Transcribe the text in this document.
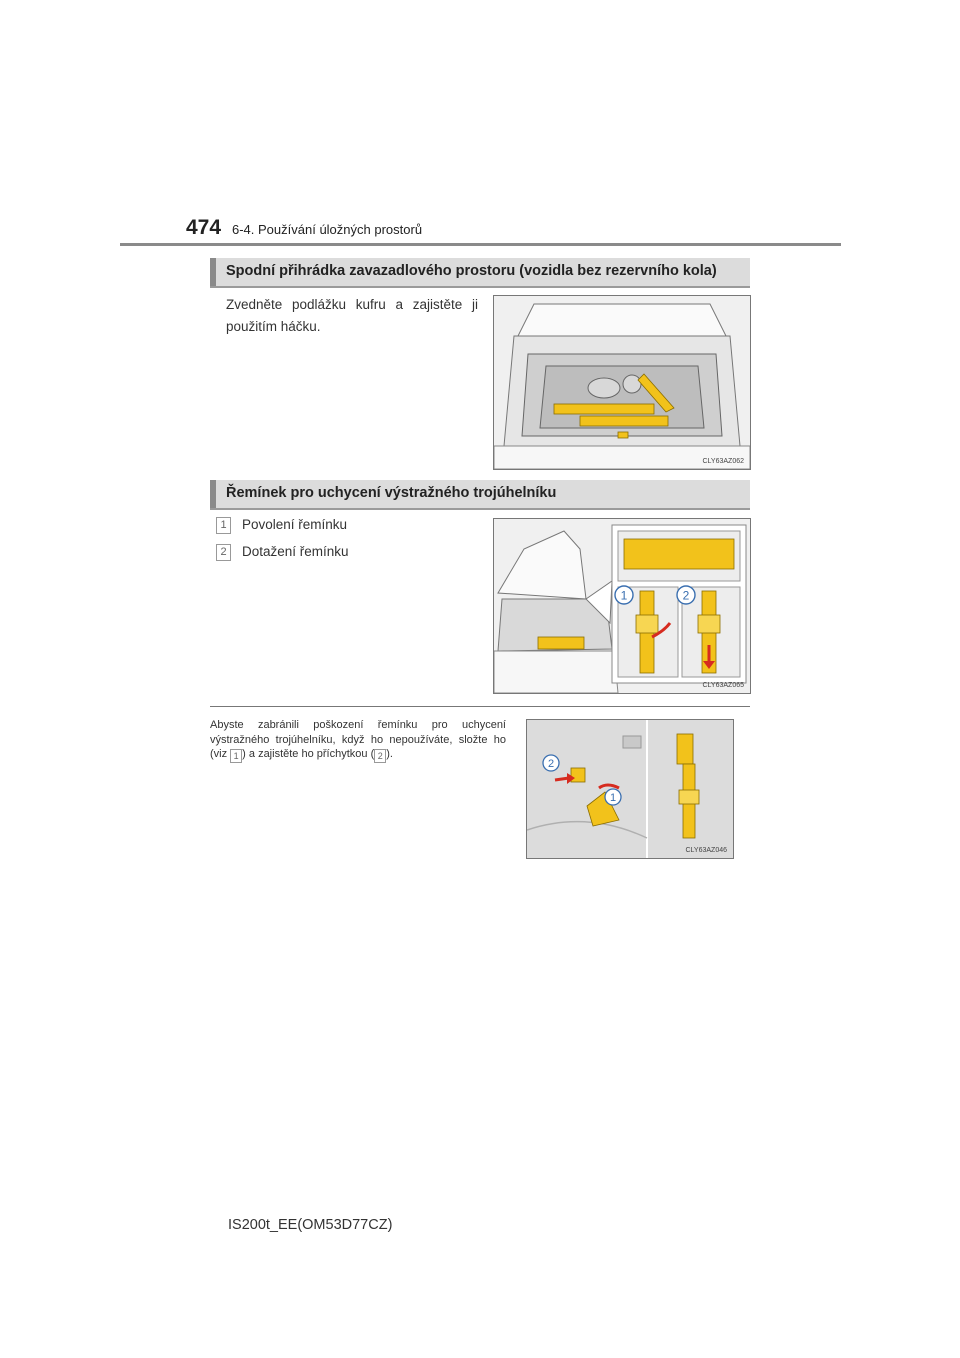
474 6-4. Používání úložných prostorů
Spodní přihrádka zavazadlového prostoru (vozidla bez rezervního kola)
Zvedněte podlážku kufru a zajistěte ji použitím háčku.
CLY63AZ062
Řemínek pro uchycení výstražného trojúhelníku
1	Povolení řemínku
2	Dotažení řemínku
1	2
CLY63AZ065
Abyste zabránili poškození řemínku pro uchycení výstražného trojúhelníku, když ho nepoužíváte, složte ho (viz 1 ) a zajistěte ho příchytkou ( 2 ).
2
1
CLY63AZ046
IS200t_EE(OM53D77CZ)
